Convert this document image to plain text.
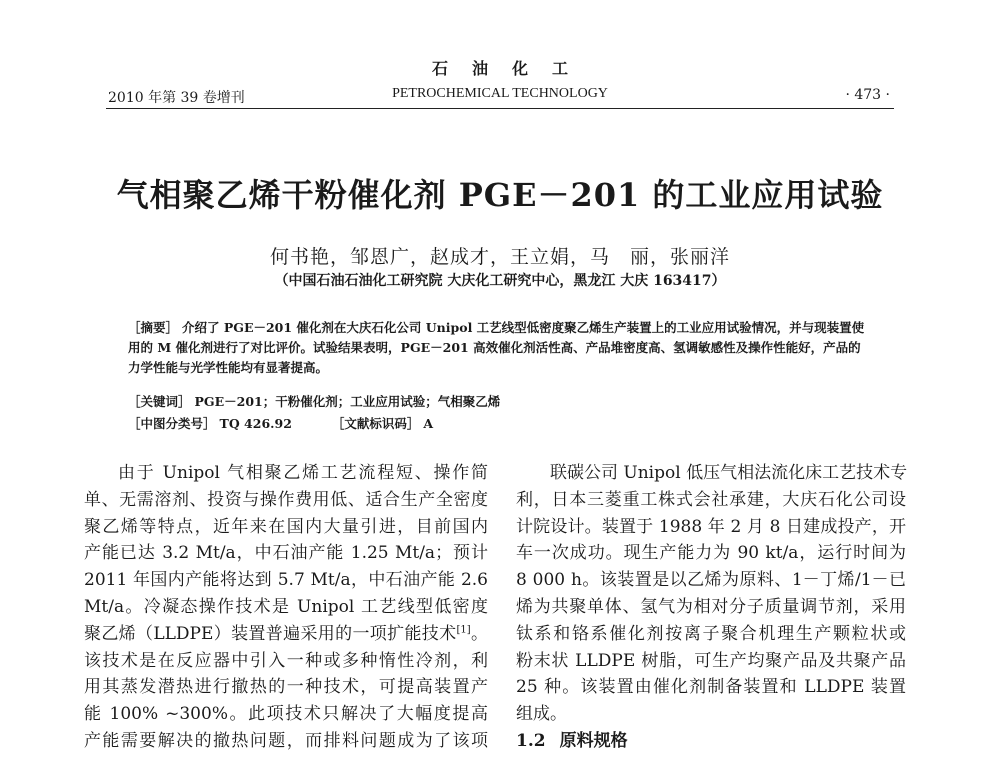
石油化工
PETROCHEMICAL TECHNOLOGY
2010 年第 39 卷增刊	· 473 ·
气相聚乙烯干粉催化剂 PGE－201 的工业应用试验
何书艳，邹恩广，赵成才，王立娟，马　丽，张丽洋
（中国石油石油化工研究院 大庆化工研究中心，黑龙江 大庆 163417）
［摘要］ 介绍了 PGE－201 催化剂在大庆石化公司 Unipol 工艺线型低密度聚乙烯生产装置上的工业应用试验情况，并与现装置使
用的 M 催化剂进行了对比评价。试验结果表明，PGE－201 高效催化剂活性高、产品堆密度高、氢调敏感性及操作性能好，产品的
力学性能与光学性能均有显著提高。
［关键词］ PGE－201；干粉催化剂；工业应用试验；气相聚乙烯
［中图分类号］ TQ 426.92	［文献标识码］ A
由于 Unipol 气相聚乙烯工艺流程短、操作简
单、无需溶剂、投资与操作费用低、适合生产全密度
聚乙烯等特点，近年来在国内大量引进，目前国内
产能已达 3.2 Mt/a，中石油产能 1.25 Mt/a；预计
2011 年国内产能将达到 5.7 Mt/a，中石油产能 2.6
Mt/a。冷凝态操作技术是 Unipol 工艺线型低密度
聚乙烯（LLDPE）装置普遍采用的一项扩能技术[1]。
该技术是在反应器中引入一种或多种惰性冷剂，利
用其蒸发潜热进行撤热的一种技术，可提高装置产
能 100% ~300%。此项技术只解决了大幅度提高
产能需要解决的撤热问题，而排料问题成为了该项
联碳公司 Unipol 低压气相法流化床工艺技术专
利，日本三菱重工株式会社承建，大庆石化公司设
计院设计。装置于 1988 年 2 月 8 日建成投产，开
车一次成功。现生产能力为 90 kt/a，运行时间为
8 000 h。该装置是以乙烯为原料、1－丁烯/1－已
烯为共聚单体、氢气为相对分子质量调节剂，采用
钛系和铬系催化剂按离子聚合机理生产颗粒状或
粉末状 LLDPE 树脂，可生产均聚产品及共聚产品
25 种。该装置由催化剂制备装置和 LLDPE 装置
组成。
1.2 原料规格
